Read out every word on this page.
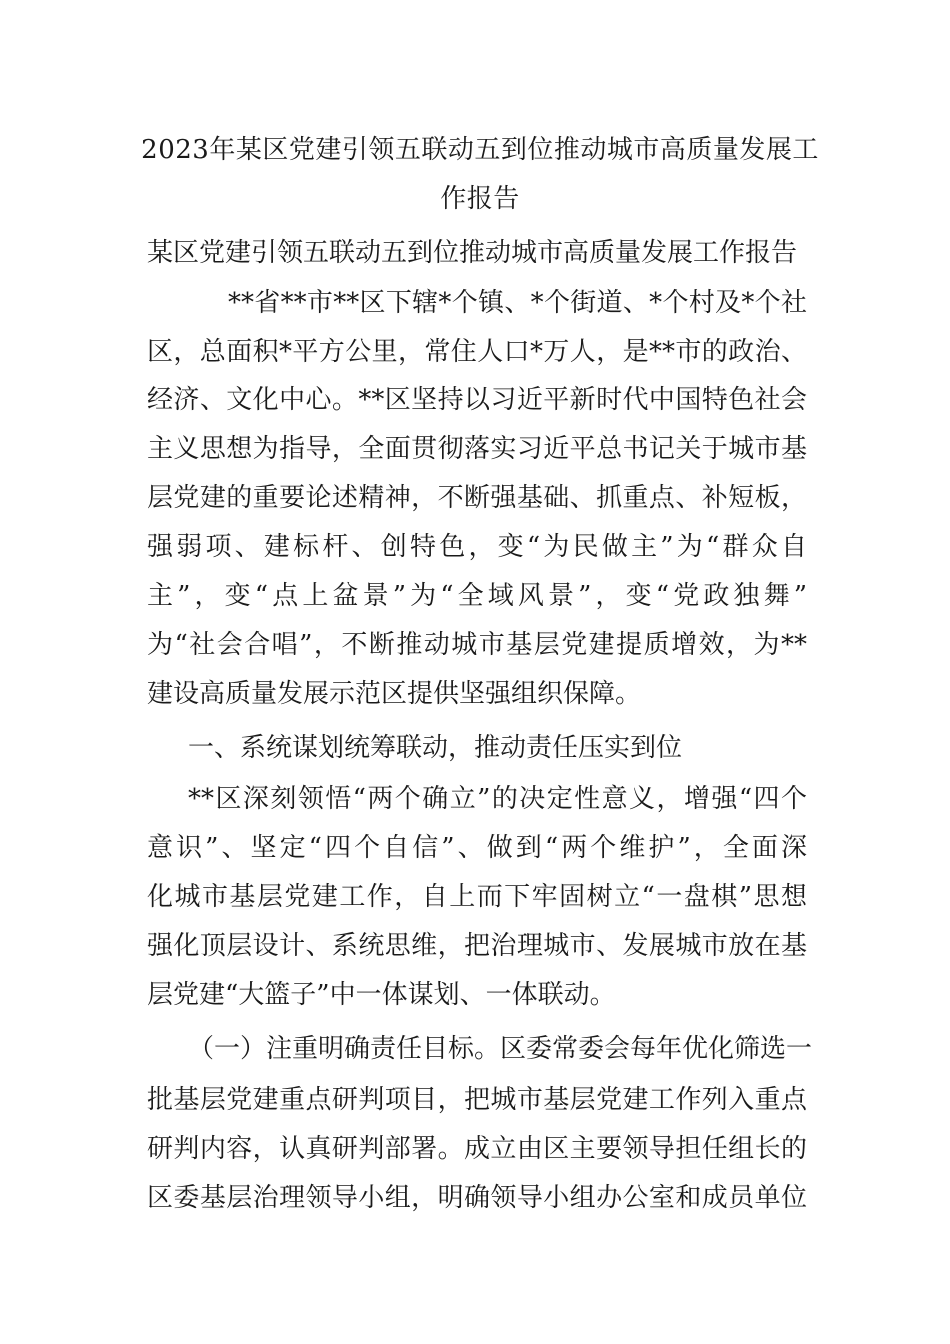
2023年某区党建引领五联动五到位推动城市高质量发展工
作报告
某区党建引领五联动五到位推动城市高质量发展工作报告
**省**市**区下辖*个镇、*个街道、*个村及*个社
区，总面积*平方公里，常住人口*万人，是**市的政治、
经济、文化中心。**区坚持以习近平新时代中国特色社会
主义思想为指导，全面贯彻落实习近平总书记关于城市基
层党建的重要论述精神，不断强基础、抓重点、补短板，
强弱项、建标杆、创特色，变“为民做主”为“群众自
主”，变“点上盆景”为“全域风景”，变“党政独舞”
为“社会合唱”，不断推动城市基层党建提质增效，为**
建设高质量发展示范区提供坚强组织保障。
一、系统谋划统筹联动，推动责任压实到位
**区深刻领悟“两个确立”的决定性意义，增强“四个
意识”、坚定“四个自信”、做到“两个维护”，全面深
化城市基层党建工作，自上而下牢固树立“一盘棋”思想
强化顶层设计、系统思维，把治理城市、发展城市放在基
层党建“大篮子”中一体谋划、一体联动。
（一）注重明确责任目标。区委常委会每年优化筛选一
批基层党建重点研判项目，把城市基层党建工作列入重点
研判内容，认真研判部署。成立由区主要领导担任组长的
区委基层治理领导小组，明确领导小组办公室和成员单位
